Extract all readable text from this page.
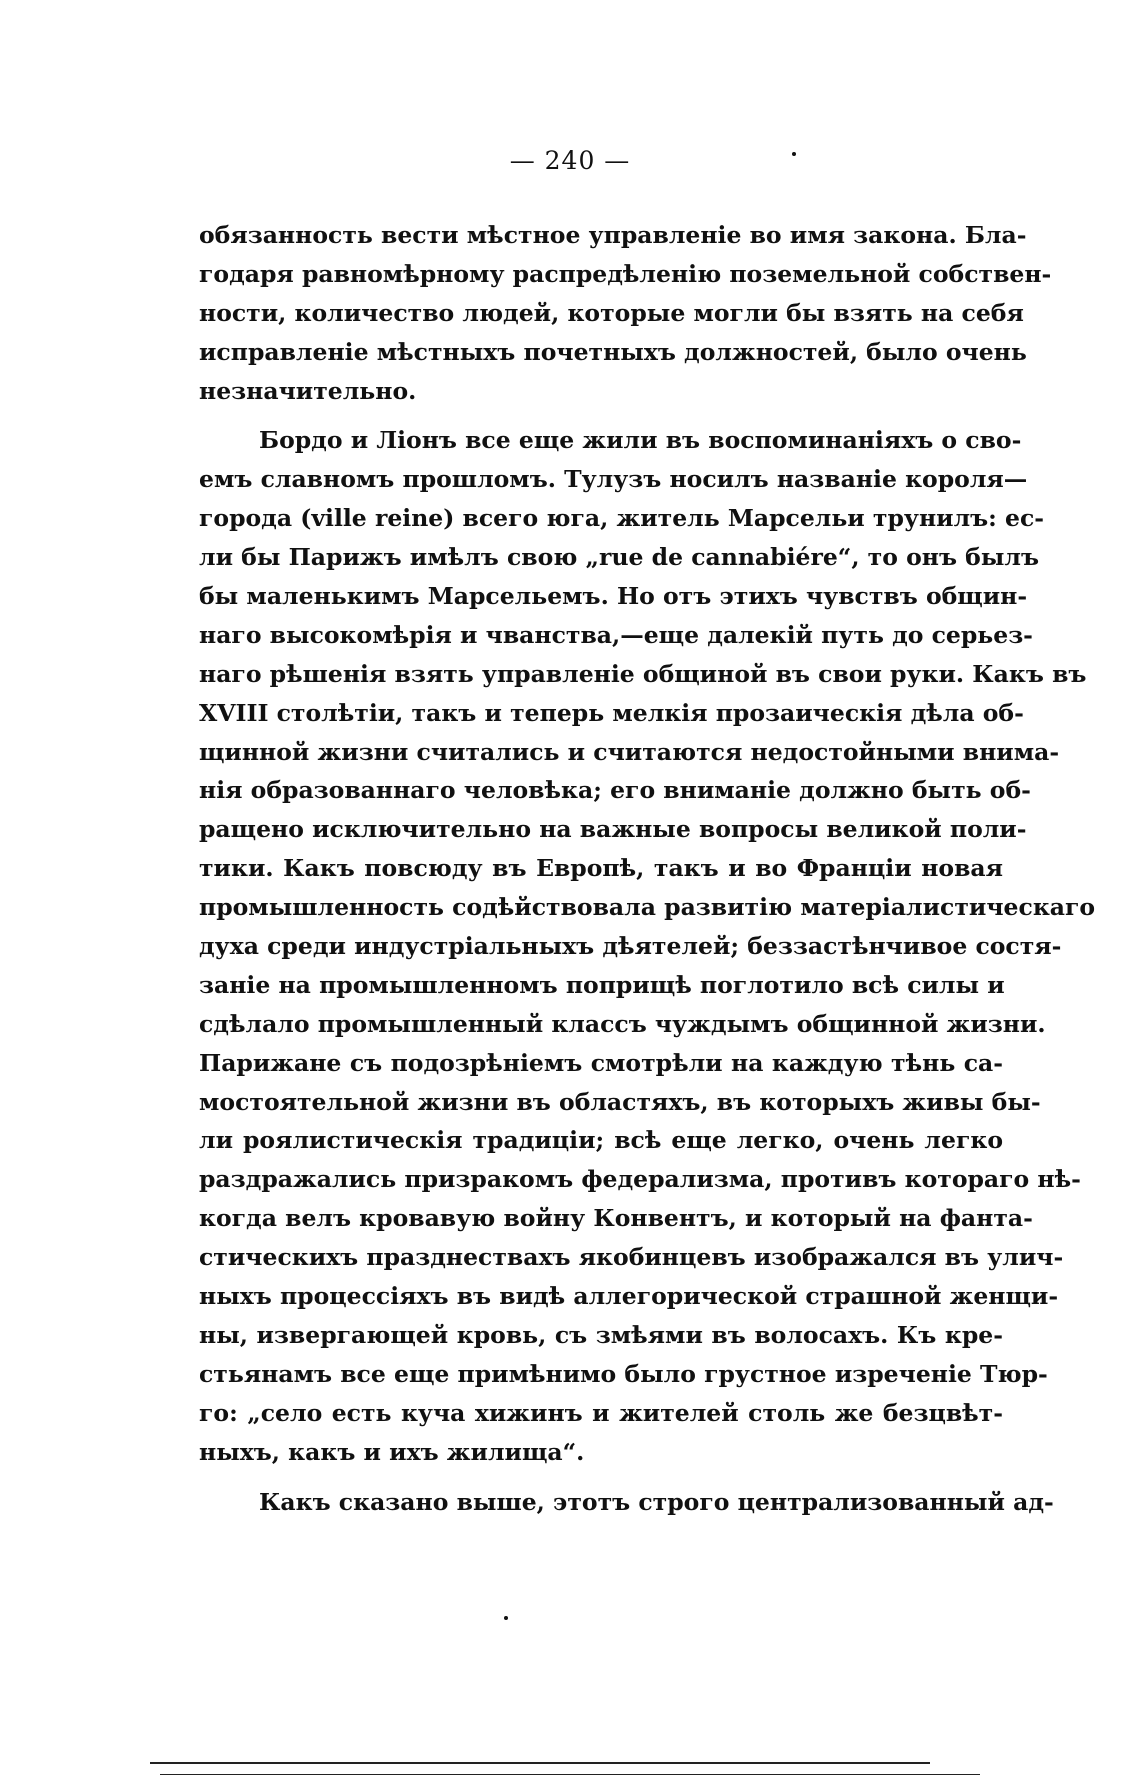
— 240 —
обязанность вести мѣстное управленіе во имя закона. Бла-
годаря равномѣрному распредѣленію поземельной собствен-
ности, количество людей, которые могли бы взять на себя
исправленіе мѣстныхъ почетныхъ должностей, было очень
незначительно.
Бордо и Ліонъ все еще жили въ воспоминаніяхъ о сво-
емъ славномъ прошломъ. Тулузъ носилъ названіе короля—
города (ville reine) всего юга, житель Марсельи трунилъ: ес-
ли бы Парижъ имѣлъ свою „rue de cannabiére“, то онъ былъ
бы маленькимъ Марсельемъ. Но отъ этихъ чувствъ общин-
наго высокомѣрія и чванства,—еще далекій путь до серьез-
наго рѣшенія взять управленіе общиной въ свои руки. Какъ въ
XVIII столѣтіи, такъ и теперь мелкія прозаическія дѣла об-
щинной жизни считались и считаются недостойными внима-
нія образованнаго человѣка; его вниманіе должно быть об-
ращено исключительно на важные вопросы великой поли-
тики. Какъ повсюду въ Европѣ, такъ и во Франціи новая
промышленность содѣйствовала развитію матеріалистическаго
духа среди индустріальныхъ дѣятелей; беззастѣнчивое состя-
заніе на промышленномъ поприщѣ поглотило всѣ силы и
сдѣлало промышленный классъ чуждымъ общинной жизни.
Парижане съ подозрѣніемъ смотрѣли на каждую тѣнь са-
мостоятельной жизни въ областяхъ, въ которыхъ живы бы-
ли роялистическія традиціи; всѣ еще легко, очень легко
раздражались призракомъ федерализма, противъ котораго нѣ-
когда велъ кровавую войну Конвентъ, и который на фанта-
стическихъ празднествахъ якобинцевъ изображался въ улич-
ныхъ процессіяхъ въ видѣ аллегорической страшной женщи-
ны, извергающей кровь, съ змѣями въ волосахъ. Къ кре-
стьянамъ все еще примѣнимо было грустное изреченіе Тюр-
го: „село есть куча хижинъ и жителей столь же безцвѣт-
ныхъ, какъ и ихъ жилища“.
Какъ сказано выше, этотъ строго централизованный ад-
